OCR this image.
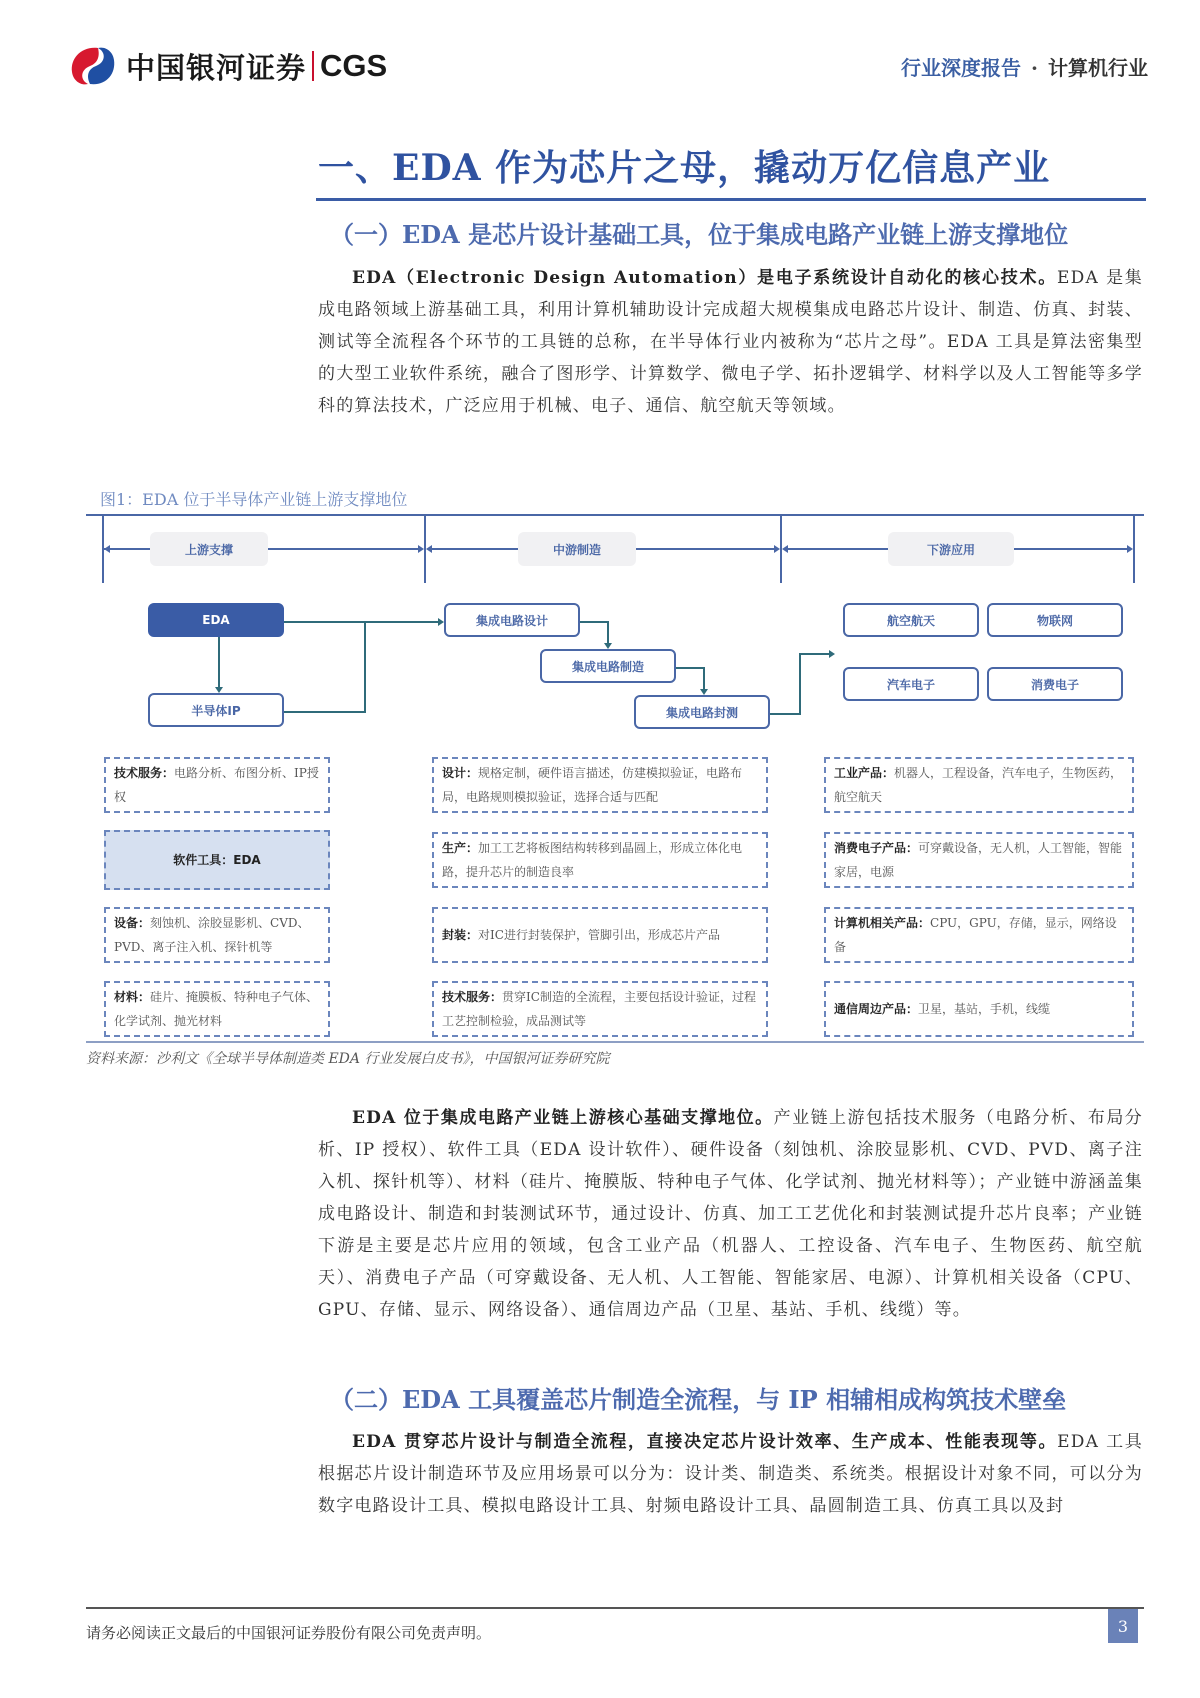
中国银河证券 CGS	行业深度报告 · 计算机行业
一、EDA 作为芯片之母，撬动万亿信息产业
（一）EDA 是芯片设计基础工具，位于集成电路产业链上游支撑地位

EDA（Electronic Design Automation）是电子系统设计自动化的核心技术。EDA 是集成电路领域上游基础工具，利用计算机辅助设计完成超大规模集成电路芯片设计、制造、仿真、封装、测试等全流程各个环节的工具链的总称，在半导体行业内被称为“芯片之母”。EDA 工具是算法密集型的大型工业软件系统，融合了图形学、计算数学、微电子学、拓扑逻辑学、材料学以及人工智能等多学科的算法技术，广泛应用于机械、电子、通信、航空航天等领域。

图1：EDA 位于半导体产业链上游支撑地位
上游支撑	中游制造	下游应用
EDA
半导体IP
集成电路设计
集成电路制造
集成电路封测
航空航天	物联网
汽车电子	消费电子
技术服务：电路分析、布图分析、IP授权
软件工具：EDA
设备：刻蚀机、涂胶显影机、CVD、PVD、离子注入机、探针机等
材料：硅片、掩膜板、特种电子气体、化学试剂、抛光材料
设计：规格定制，硬件语言描述，仿建模拟验证，电路布局，电路规则模拟验证，选择合适与匹配
生产：加工工艺将板图结构转移到晶圆上，形成立体化电路，提升芯片的制造良率
封装：对IC进行封装保护，管脚引出，形成芯片产品
技术服务：贯穿IC制造的全流程，主要包括设计验证，过程工艺控制检验，成品测试等
工业产品：机器人，工程设备，汽车电子，生物医药，航空航天
消费电子产品：可穿戴设备，无人机，人工智能，智能家居，电源
计算机相关产品：CPU，GPU，存储，显示，网络设备
通信周边产品：卫星，基站，手机，线缆
资料来源：沙利文《全球半导体制造类 EDA 行业发展白皮书》，中国银河证券研究院

EDA 位于集成电路产业链上游核心基础支撑地位。产业链上游包括技术服务（电路分析、布局分析、IP 授权）、软件工具（EDA 设计软件）、硬件设备（刻蚀机、涂胶显影机、CVD、PVD、离子注入机、探针机等）、材料（硅片、掩膜版、特种电子气体、化学试剂、抛光材料等）；产业链中游涵盖集成电路设计、制造和封装测试环节，通过设计、仿真、加工工艺优化和封装测试提升芯片良率；产业链下游是主要是芯片应用的领域，包含工业产品（机器人、工控设备、汽车电子、生物医药、航空航天）、消费电子产品（可穿戴设备、无人机、人工智能、智能家居、电源）、计算机相关设备（CPU、GPU、存储、显示、网络设备）、通信周边产品（卫星、基站、手机、线缆）等。

（二）EDA 工具覆盖芯片制造全流程，与 IP 相辅相成构筑技术壁垒

EDA 贯穿芯片设计与制造全流程，直接决定芯片设计效率、生产成本、性能表现等。EDA 工具根据芯片设计制造环节及应用场景可以分为：设计类、制造类、系统类。根据设计对象不同，可以分为数字电路设计工具、模拟电路设计工具、射频电路设计工具、晶圆制造工具、仿真工具以及封

请务必阅读正文最后的中国银河证券股份有限公司免责声明。	3
